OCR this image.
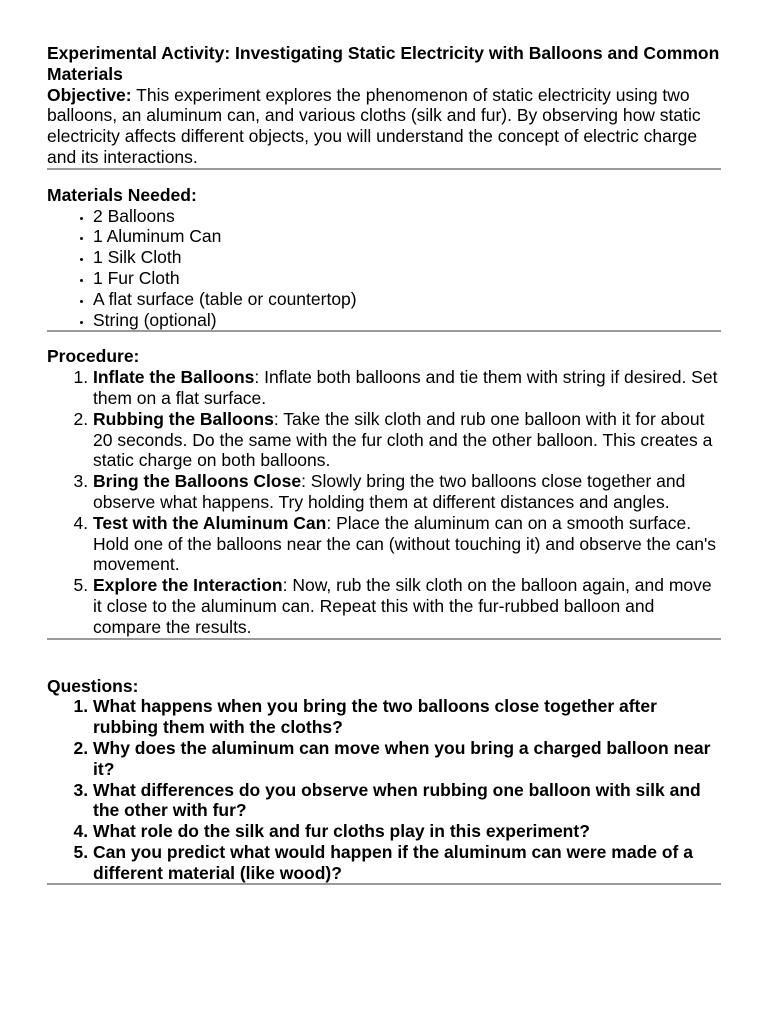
Experimental Activity: Investigating Static Electricity with Balloons and Common Materials

Objective: This experiment explores the phenomenon of static electricity using two balloons, an aluminum can, and various cloths (silk and fur). By observing how static electricity affects different objects, you will understand the concept of electric charge and its interactions.

Materials Needed:

• 2 Balloons
• 1 Aluminum Can
• 1 Silk Cloth
• 1 Fur Cloth
• A flat surface (table or countertop)
• String (optional)

Procedure:

1. Inflate the Balloons: Inflate both balloons and tie them with string if desired. Set them on a flat surface.
2. Rubbing the Balloons: Take the silk cloth and rub one balloon with it for about 20 seconds. Do the same with the fur cloth and the other balloon. This creates a static charge on both balloons.
3. Bring the Balloons Close: Slowly bring the two balloons close together and observe what happens. Try holding them at different distances and angles.
4. Test with the Aluminum Can: Place the aluminum can on a smooth surface. Hold one of the balloons near the can (without touching it) and observe the can's movement.
5. Explore the Interaction: Now, rub the silk cloth on the balloon again, and move it close to the aluminum can. Repeat this with the fur-rubbed balloon and compare the results.

Questions:

1. What happens when you bring the two balloons close together after rubbing them with the cloths?
2. Why does the aluminum can move when you bring a charged balloon near it?
3. What differences do you observe when rubbing one balloon with silk and the other with fur?
4. What role do the silk and fur cloths play in this experiment?
5. Can you predict what would happen if the aluminum can were made of a different material (like wood)?
